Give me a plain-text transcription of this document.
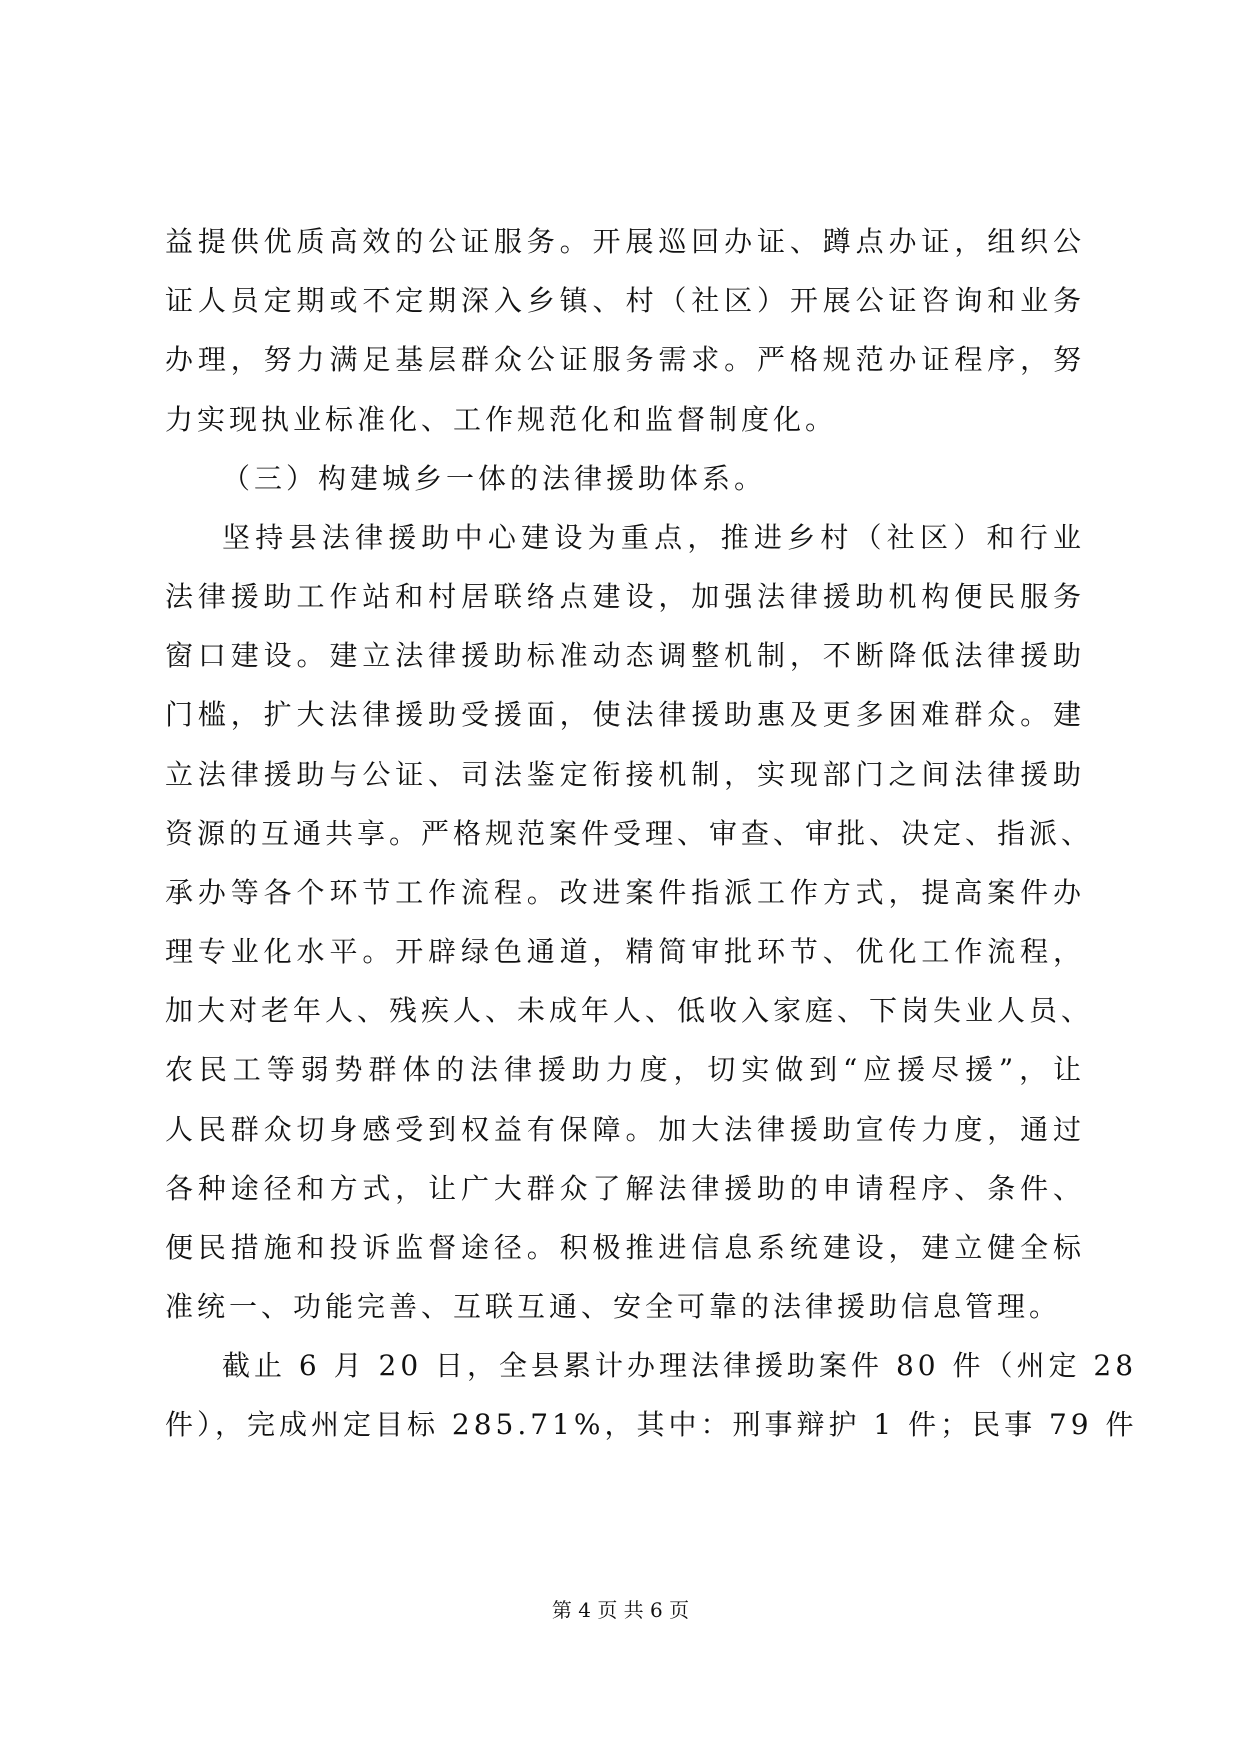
益提供优质高效的公证服务。开展巡回办证、蹲点办证，组织公
证人员定期或不定期深入乡镇、村（社区）开展公证咨询和业务
办理，努力满足基层群众公证服务需求。严格规范办证程序，努
力实现执业标准化、工作规范化和监督制度化。
（三）构建城乡一体的法律援助体系。
坚持县法律援助中心建设为重点，推进乡村（社区）和行业
法律援助工作站和村居联络点建设，加强法律援助机构便民服务
窗口建设。建立法律援助标准动态调整机制，不断降低法律援助
门槛，扩大法律援助受援面，使法律援助惠及更多困难群众。建
立法律援助与公证、司法鉴定衔接机制，实现部门之间法律援助
资源的互通共享。严格规范案件受理、审查、审批、决定、指派、
承办等各个环节工作流程。改进案件指派工作方式，提高案件办
理专业化水平。开辟绿色通道，精简审批环节、优化工作流程，
加大对老年人、残疾人、未成年人、低收入家庭、下岗失业人员、
农民工等弱势群体的法律援助力度，切实做到“应援尽援”，让
人民群众切身感受到权益有保障。加大法律援助宣传力度，通过
各种途径和方式，让广大群众了解法律援助的申请程序、条件、
便民措施和投诉监督途径。积极推进信息系统建设，建立健全标
准统一、功能完善、互联互通、安全可靠的法律援助信息管理。
截止 6 月 20 日，全县累计办理法律援助案件 80 件（州定 28
件），完成州定目标 285.71%，其中：刑事辩护 1 件；民事 79 件
第 4 页 共 6 页
